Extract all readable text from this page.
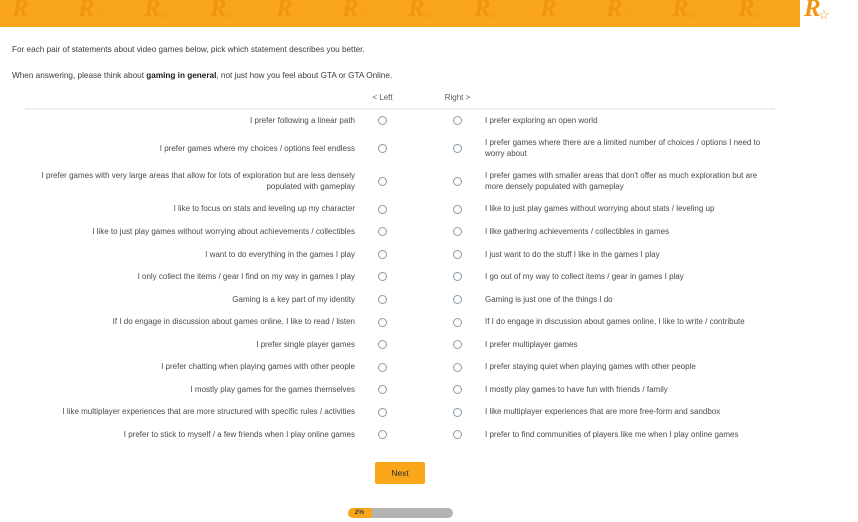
R
☆ R
☆ R
☆ R
☆ R
☆ R
☆ R
☆ R
☆ R
☆ R
☆ R
☆ R
☆ R
☆

For each pair of statements about video games below, pick which statement describes you better.

When answering, please think about gaming in general, not just how you feel about GTA or GTA Online.

	< Left		Right >	
I prefer following a linear path				I prefer exploring an open world
I prefer games where my choices / options feel endless				I prefer games where there are a limited number of choices / options I need to worry about
I prefer games with very large areas that allow for lots of exploration but are less densely populated with gameplay				I prefer games with smaller areas that don't offer as much exploration but are more densely populated with gameplay
I like to focus on stats and leveling up my character				I like to just play games without worrying about stats / leveling up
I like to just play games without worrying about achievements / collectibles				I like gathering achievements / collectibles in games
I want to do everything in the games I play				I just want to do the stuff I like in the games I play
I only collect the items / gear I find on my way in games I play				I go out of my way to collect items / gear in games I play
Gaming is a key part of my identity				Gaming is just one of the things I do
If I do engage in discussion about games online, I like to read / listen				If I do engage in discussion about games online, I like to write / contribute
I prefer single player games				I prefer multiplayer games
I prefer chatting when playing games with other people				I prefer staying quiet when playing games with other people
I mostly play games for the games themselves				I mostly play games to have fun with friends / family
I like multiplayer experiences that are more structured with specific rules / activities				I like multiplayer experiences that are more free-form and sandbox
I prefer to stick to myself / a few friends when I play online games				I prefer to find communities of players like me when I play online games
Next
2%
